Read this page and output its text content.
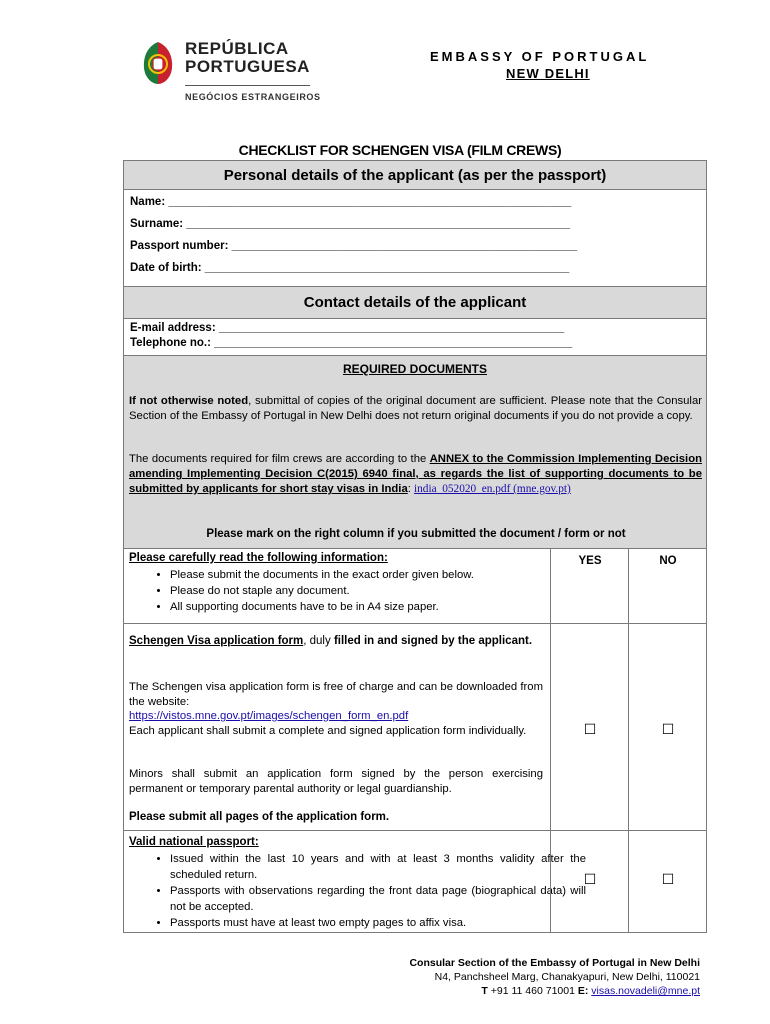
REPÚBLICA
PORTUGUESA
NEGÓCIOS ESTRANGEIROS
EMBASSY OF PORTUGAL
NEW DELHI
CHECKLIST FOR SCHENGEN VISA (FILM CREWS)
Personal details of the applicant (as per the passport)
Name: _______________________________________________________________
Surname: ____________________________________________________________
Passport number: ______________________________________________________
Date of birth: _________________________________________________________
Contact details of the applicant
E-mail address: ______________________________________________________
Telephone no.: ________________________________________________________
REQUIRED DOCUMENTS
If not otherwise noted, submittal of copies of the original document are sufficient. Please note that the Consular Section of the Embassy of Portugal in New Delhi does not return original documents if you do not provide a copy.
The documents required for film crews are according to the ANNEX to the Commission Implementing Decision amending Implementing Decision C(2015) 6940 final, as regards the list of supporting documents to be submitted by applicants for short stay visas in India: india_052020_en.pdf (mne.gov.pt)
Please mark on the right column if you submitted the document / form or not
Please carefully read the following information:
• Please submit the documents in the exact order given below.
• Please do not staple any document.
• All supporting documents have to be in A4 size paper.
YES	NO
Schengen Visa application form, duly filled in and signed by the applicant.
The Schengen visa application form is free of charge and can be downloaded from the website:
https://vistos.mne.gov.pt/images/schengen_form_en.pdf
Each applicant shall submit a complete and signed application form individually.
Minors shall submit an application form signed by the person exercising permanent or temporary parental authority or legal guardianship.
Please submit all pages of the application form.
☐	☐
Valid national passport:
• Issued within the last 10 years and with at least 3 months validity after the scheduled return.
• Passports with observations regarding the front data page (biographical data) will not be accepted.
• Passports must have at least two empty pages to affix visa.
☐	☐
Consular Section of the Embassy of Portugal in New Delhi
N4, Panchsheel Marg, Chanakyapuri, New Delhi, 110021
T +91 11 460 71001 E: visas.novadeli@mne.pt
